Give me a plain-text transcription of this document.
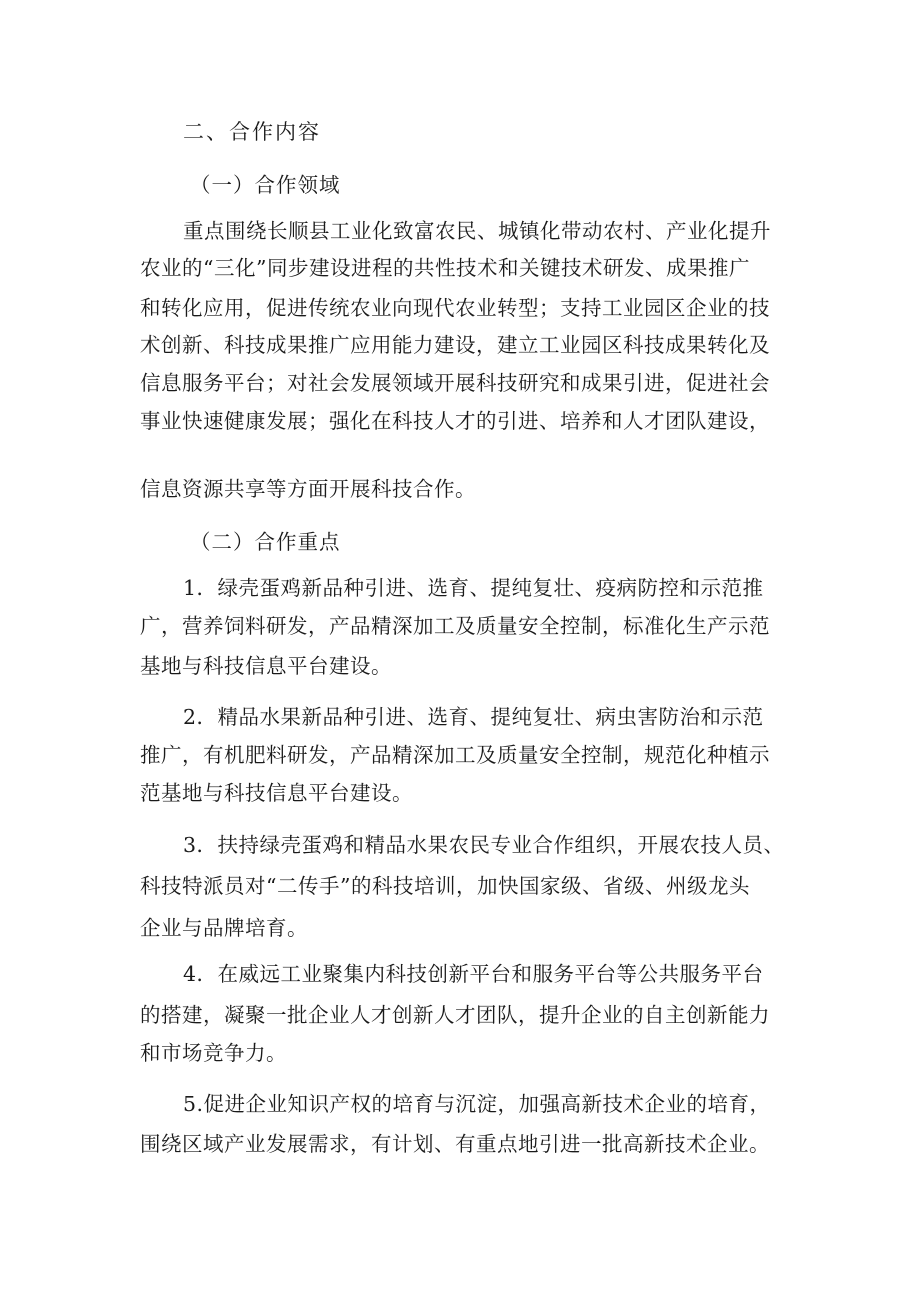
二、合作内容
（一）合作领域
重点围绕长顺县工业化致富农民、城镇化带动农村、产业化提升
农业的“三化”同步建设进程的共性技术和关键技术研发、成果推广
和转化应用，促进传统农业向现代农业转型；支持工业园区企业的技
术创新、科技成果推广应用能力建设，建立工业园区科技成果转化及
信息服务平台；对社会发展领域开展科技研究和成果引进，促进社会
事业快速健康发展；强化在科技人才的引进、培养和人才团队建设，
信息资源共享等方面开展科技合作。
（二）合作重点
1．绿壳蛋鸡新品种引进、选育、提纯复壮、疫病防控和示范推
广，营养饲料研发，产品精深加工及质量安全控制，标准化生产示范
基地与科技信息平台建设。
2．精品水果新品种引进、选育、提纯复壮、病虫害防治和示范
推广，有机肥料研发，产品精深加工及质量安全控制，规范化种植示
范基地与科技信息平台建设。
3．扶持绿壳蛋鸡和精品水果农民专业合作组织，开展农技人员、
科技特派员对“二传手”的科技培训，加快国家级、省级、州级龙头
企业与品牌培育。
4．在威远工业聚集内科技创新平台和服务平台等公共服务平台
的搭建，凝聚一批企业人才创新人才团队，提升企业的自主创新能力
和市场竞争力。
5.促进企业知识产权的培育与沉淀，加强高新技术企业的培育，
围绕区域产业发展需求，有计划、有重点地引进一批高新技术企业。
